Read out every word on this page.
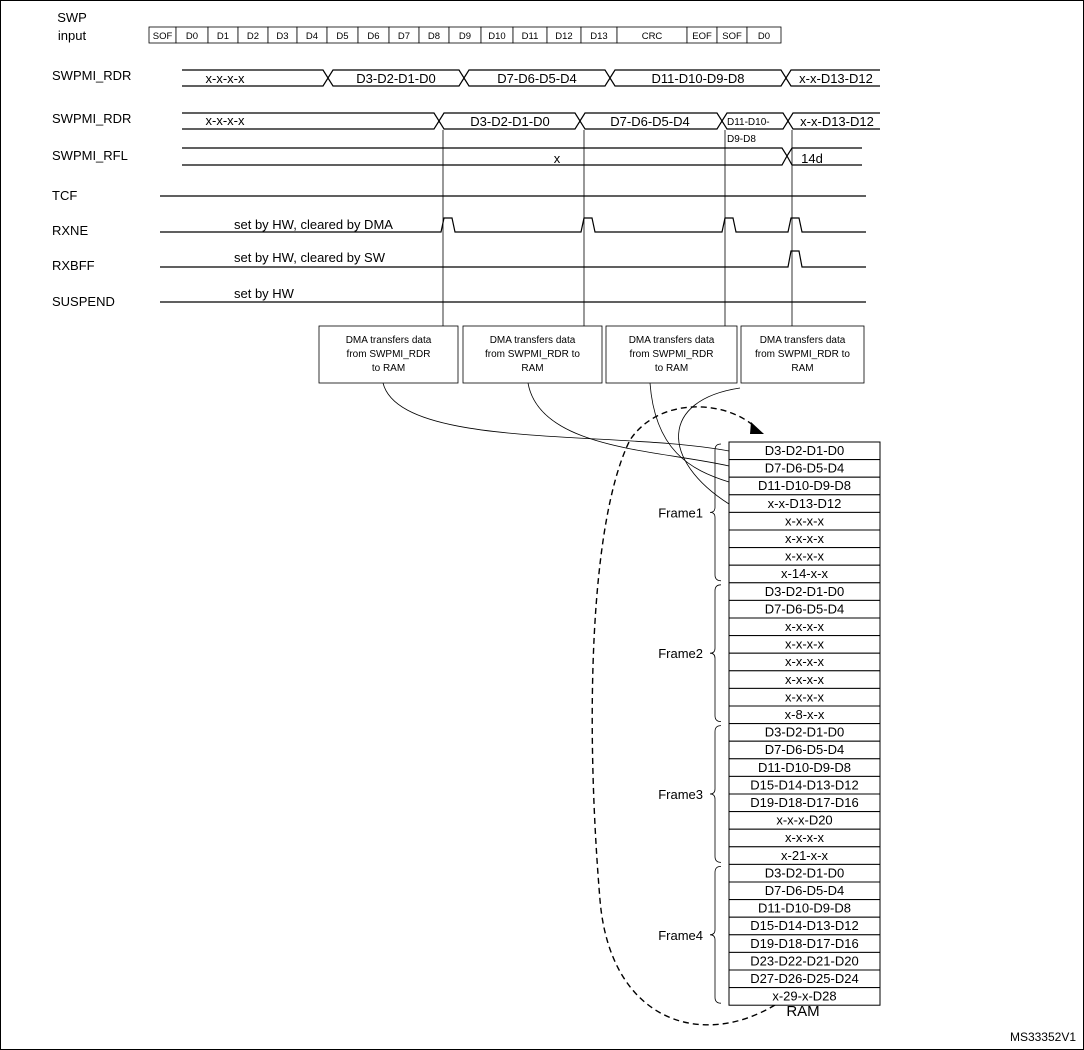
SWP
input
SWPMI_RDR
SWPMI_RDR
SWPMI_RFL
TCF
RXNE
RXBFF
SUSPEND
SOF D0 D1 D2 D3 D4 D5 D6 D7 D8 D9 D10 D11 D12 D13	CRC	EOF SOF D0
x-x-x-x	D3-D2-D1-D0	D7-D6-D5-D4	D11-D10-D9-D8	x-x-D13-D12
x-x-x-x	D3-D2-D1-D0	D7-D6-D5-D4	D11-D10-
D9-D8
x-x-D13-D12
x	14d
set by HW, cleared by DMA
set by HW, cleared by SW
set by HW
DMA transfers data
from SWPMI_RDR
to RAM
DMA transfers data
from SWPMI_RDR to
RAM
DMA transfers data
from SWPMI_RDR
to RAM
DMA transfers data
from SWPMI_RDR to
RAM
D3-D2-D1-D0
D7-D6-D5-D4
D11-D10-D9-D8
x-x-D13-D12
x-x-x-x
x-x-x-x
x-x-x-x
x-14-x-x
D3-D2-D1-D0
D7-D6-D5-D4
x-x-x-x
x-x-x-x
x-x-x-x
x-x-x-x
x-x-x-x
x-8-x-x
D3-D2-D1-D0
D7-D6-D5-D4
D11-D10-D9-D8
D15-D14-D13-D12
D19-D18-D17-D16
x-x-x-D20
x-x-x-x
x-21-x-x
D3-D2-D1-D0
D7-D6-D5-D4
D11-D10-D9-D8
D15-D14-D13-D12
D19-D18-D17-D16
D23-D22-D21-D20
D27-D26-D25-D24
x-29-x-D28
Frame1
Frame2
Frame3
Frame4
RAM
MS33352V1
